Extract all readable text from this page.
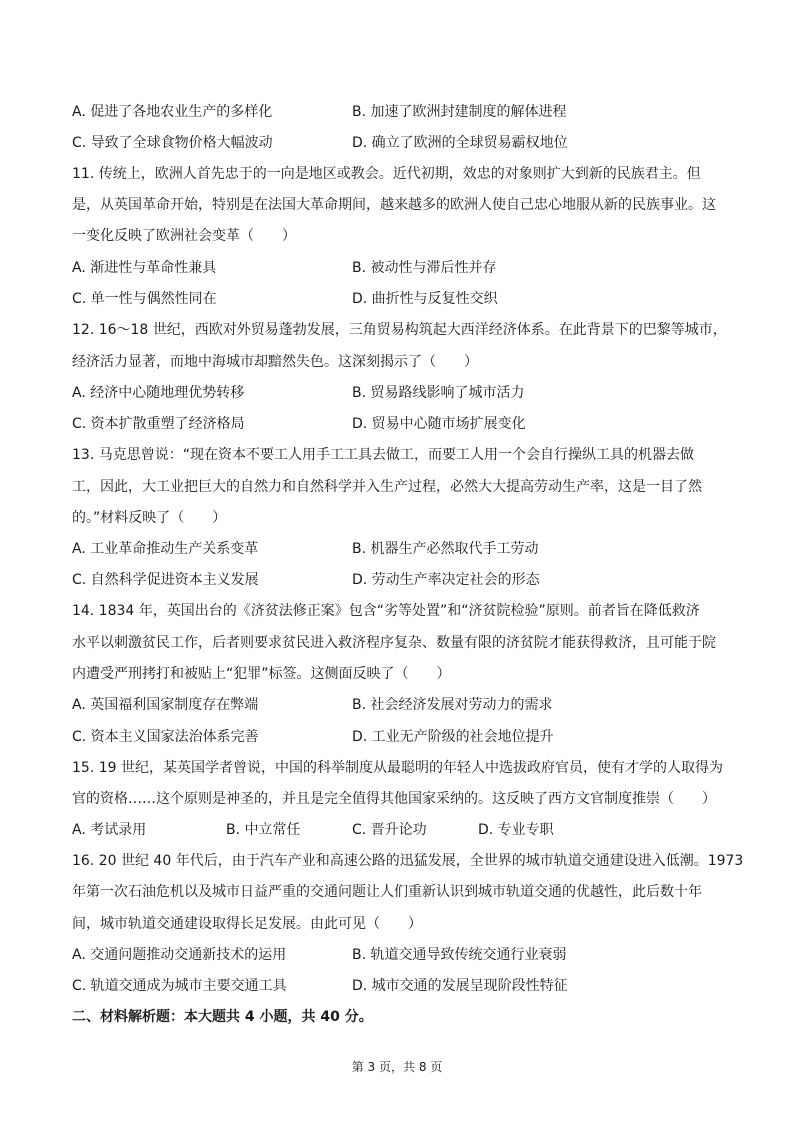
A. 促进了各地农业生产的多样化	B. 加速了欧洲封建制度的解体进程
C. 导致了全球食物价格大幅波动	D. 确立了欧洲的全球贸易霸权地位
11. 传统上，欧洲人首先忠于的一向是地区或教会。近代初期，效忠的对象则扩大到新的民族君主。但
是，从英国革命开始，特别是在法国大革命期间，越来越多的欧洲人使自己忠心地服从新的民族事业。这
一变化反映了欧洲社会变革（　　）
A. 渐进性与革命性兼具	B. 被动性与滞后性并存
C. 单一性与偶然性同在	D. 曲折性与反复性交织
12. 16～18 世纪，西欧对外贸易蓬勃发展，三角贸易构筑起大西洋经济体系。在此背景下的巴黎等城市，
经济活力显著，而地中海城市却黯然失色。这深刻揭示了（　　）
A. 经济中心随地理优势转移	B. 贸易路线影响了城市活力
C. 资本扩散重塑了经济格局	D. 贸易中心随市场扩展变化
13. 马克思曾说：“现在资本不要工人用手工工具去做工，而要工人用一个会自行操纵工具的机器去做
工，因此，大工业把巨大的自然力和自然科学并入生产过程，必然大大提高劳动生产率，这是一目了然
的。”材料反映了（　　）
A. 工业革命推动生产关系变革	B. 机器生产必然取代手工劳动
C. 自然科学促进资本主义发展	D. 劳动生产率决定社会的形态
14. 1834 年，英国出台的《济贫法修正案》包含“劣等处置”和“济贫院检验”原则。前者旨在降低救济
水平以刺激贫民工作，后者则要求贫民进入救济程序复杂、数量有限的济贫院才能获得救济，且可能于院
内遭受严刑拷打和被贴上“犯罪”标签。这侧面反映了（　　）
A. 英国福利国家制度存在弊端	B. 社会经济发展对劳动力的需求
C. 资本主义国家法治体系完善	D. 工业无产阶级的社会地位提升
15. 19 世纪，某英国学者曾说，中国的科举制度从最聪明的年轻人中选拔政府官员，使有才学的人取得为
官的资格……这个原则是神圣的，并且是完全值得其他国家采纳的。这反映了西方文官制度推崇（　　）
A. 考试录用	B. 中立常任	C. 晋升论功	D. 专业专职
16. 20 世纪 40 年代后，由于汽车产业和高速公路的迅猛发展，全世界的城市轨道交通建设进入低潮。1973
年第一次石油危机以及城市日益严重的交通问题让人们重新认识到城市轨道交通的优越性，此后数十年
间，城市轨道交通建设取得长足发展。由此可见（　　）
A. 交通问题推动交通新技术的运用	B. 轨道交通导致传统交通行业衰弱
C. 轨道交通成为城市主要交通工具	D. 城市交通的发展呈现阶段性特征
二、材料解析题：本大题共 4 小题，共 40 分。
第 3 页，共 8 页
